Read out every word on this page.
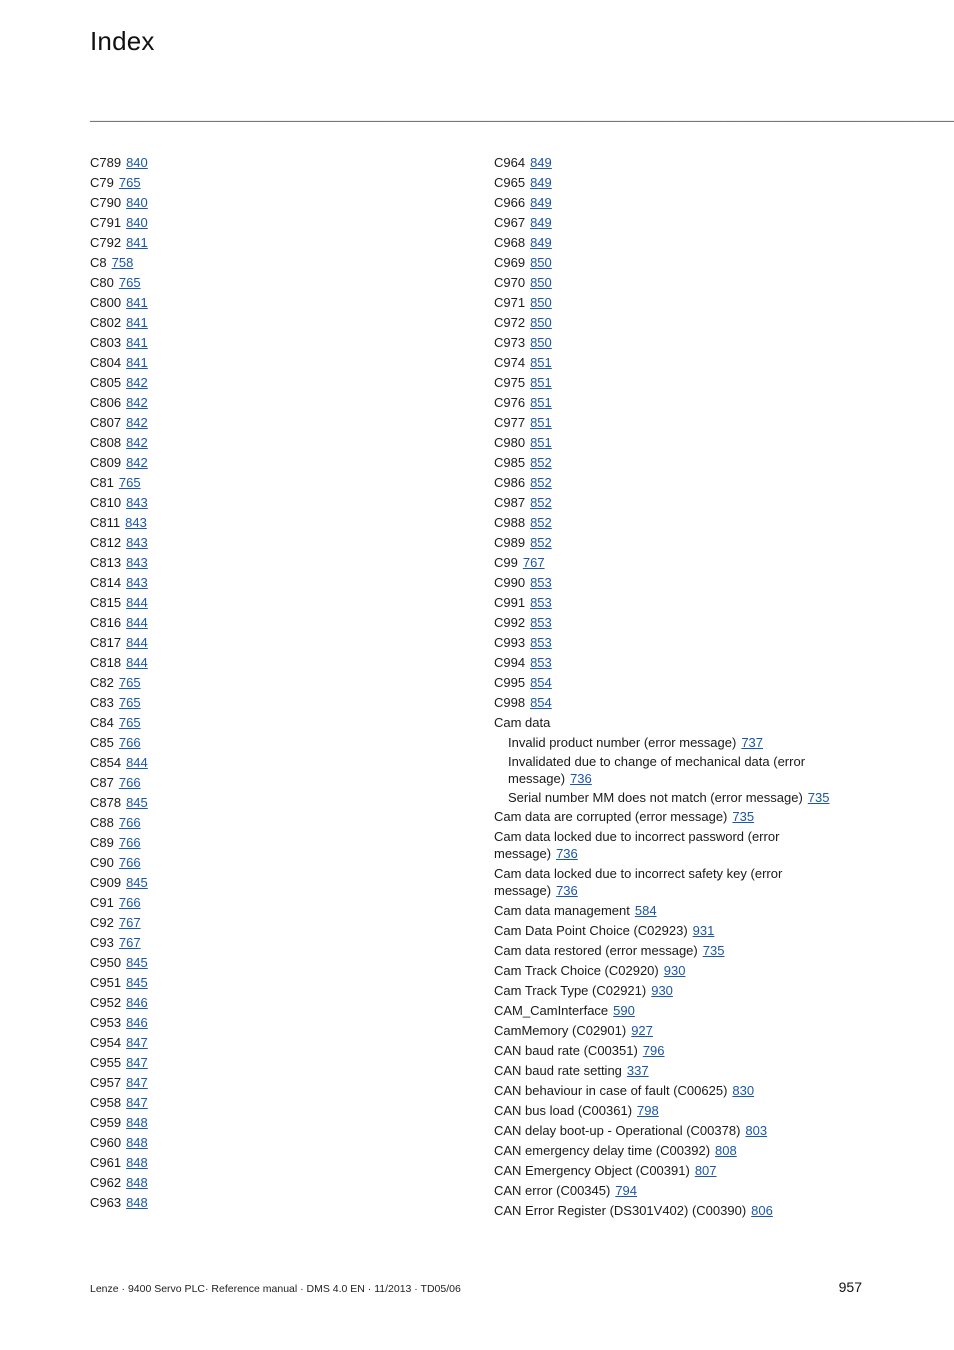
Index
__________________________________________________________________________________________
C789 840
C79 765
C790 840
C791 840
C792 841
C8 758
C80 765
C800 841
C802 841
C803 841
C804 841
C805 842
C806 842
C807 842
C808 842
C809 842
C81 765
C810 843
C811 843
C812 843
C813 843
C814 843
C815 844
C816 844
C817 844
C818 844
C82 765
C83 765
C84 765
C85 766
C854 844
C87 766
C878 845
C88 766
C89 766
C90 766
C909 845
C91 766
C92 767
C93 767
C950 845
C951 845
C952 846
C953 846
C954 847
C955 847
C957 847
C958 847
C959 848
C960 848
C961 848
C962 848
C963 848
C964 849
C965 849
C966 849
C967 849
C968 849
C969 850
C970 850
C971 850
C972 850
C973 850
C974 851
C975 851
C976 851
C977 851
C980 851
C985 852
C986 852
C987 852
C988 852
C989 852
C99 767
C990 853
C991 853
C992 853
C993 853
C994 853
C995 854
C998 854
Cam data
Invalid product number (error message) 737
Invalidated due to change of mechanical data (error message) 736
Serial number MM does not match (error message) 735
Cam data are corrupted (error message) 735
Cam data locked due to incorrect password (error message) 736
Cam data locked due to incorrect safety key (error message) 736
Cam data management 584
Cam Data Point Choice (C02923) 931
Cam data restored (error message) 735
Cam Track Choice (C02920) 930
Cam Track Type (C02921) 930
CAM_CamInterface 590
CamMemory (C02901) 927
CAN baud rate (C00351) 796
CAN baud rate setting 337
CAN behaviour in case of fault (C00625) 830
CAN bus load (C00361) 798
CAN delay boot-up - Operational (C00378) 803
CAN emergency delay time (C00392) 808
CAN Emergency Object (C00391) 807
CAN error (C00345) 794
CAN Error Register (DS301V402) (C00390) 806
Lenze · 9400 Servo PLC· Reference manual · DMS 4.0 EN · 11/2013 · TD05/06	957
